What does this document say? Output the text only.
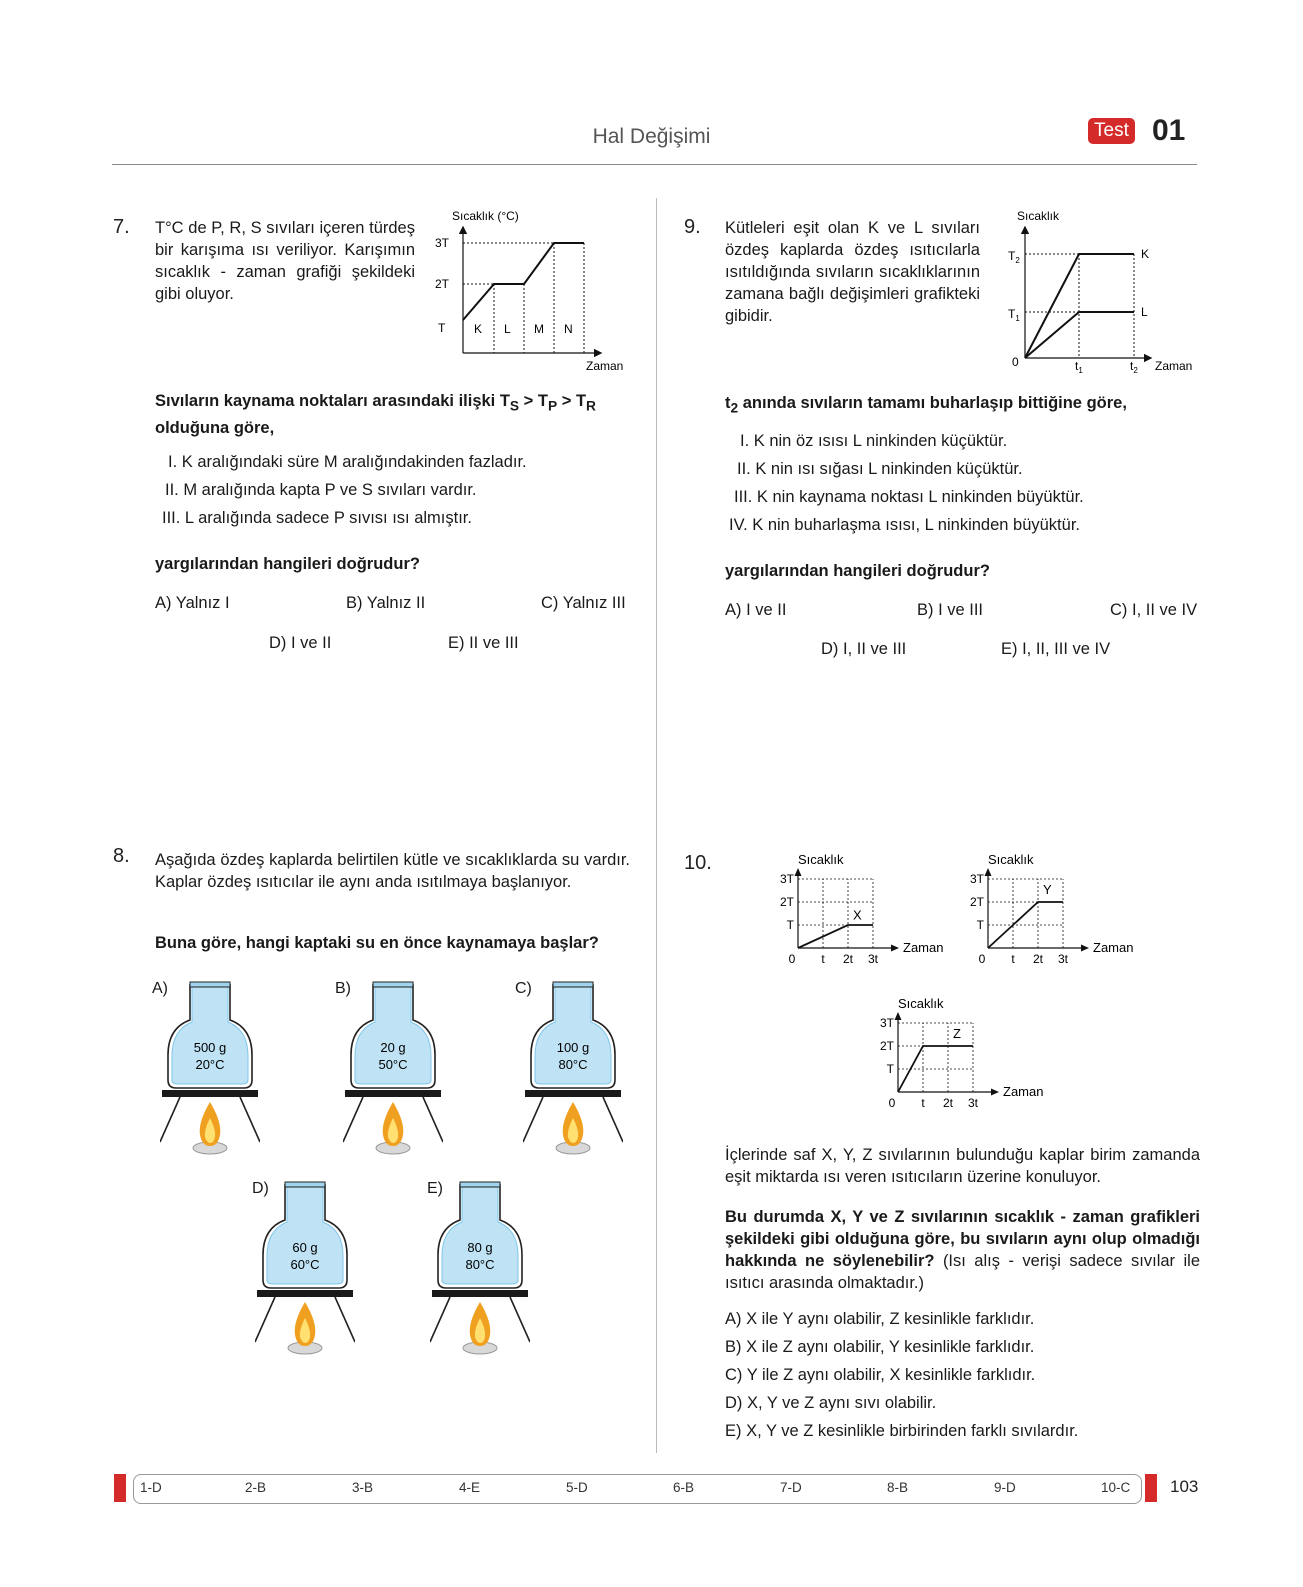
Hal Değişimi	Test 01
7. T°C de P, R, S sıvıları içeren türdeş bir karışıma ısı veriliyor. Karışımın sıcaklık - zaman grafiği şekildeki gibi oluyor.
Sıcaklık (°C)
3T
2T
T K L M N
Zaman
Sıvıların kaynama noktaları arasındaki ilişki $T_S > T_P > T_R$
olduğuna göre,
I. K aralığındaki süre M aralığındakinden fazladır.
II. M aralığında kapta P ve S sıvıları vardır.
III. L aralığında sadece P sıvısı ısı almıştır.
yargılarından hangileri doğrudur?
A) Yalnız I	B) Yalnız II	C) Yalnız III
D) I ve II	E) II ve III
8. Aşağıda özdeş kaplarda belirtilen kütle ve sıcaklıklarda su vardır. Kaplar özdeş ısıtıcılar ile aynı anda ısıtılmaya başlanıyor.
Buna göre, hangi kaptaki su en önce kaynamaya başlar?
A)
500 g
20°C
B)
20 g
50°C
C)
100 g
80°C
D)
60 g
60°C
E)
80 g
80°C
9. Kütleleri eşit olan K ve L sıvıları özdeş kaplarda özdeş ısıtıcılarla ısıtıldığında sıvıların sıcaklıklarının zamana bağlı değişimleri grafikteki gibidir.
Sıcaklık
$T_2$
$T_1$
0
K
L
$t_1$	$t_2$ Zaman
$t_2$ anında sıvıların tamamı buharlaşıp bittiğine göre,
I. K nin öz ısısı L ninkinden küçüktür.
II. K nin ısı sığası L ninkinden küçüktür.
III. K nin kaynama noktası L ninkinden büyüktür.
IV. K nin buharlaşma ısısı, L ninkinden büyüktür.
yargılarından hangileri doğrudur?
A) I ve II	B) I ve III	C) I, II ve IV
D) I, II ve III	E) I, II, III ve IV
10.	Sıcaklık
3T
2T
T
0 t 2t 3t
Zaman
X
Sıcaklık
3T
2T
T
0 t 2t 3t
Zaman
Y
Sıcaklık
3T
2T
T
0 t 2t 3t
Zaman
Z
İçlerinde saf X, Y, Z sıvılarının bulunduğu kaplar birim zamanda eşit miktarda ısı veren ısıtıcıların üzerine konuluyor.
Bu durumda X, Y ve Z sıvılarının sıcaklık - zaman grafikleri şekildeki gibi olduğuna göre, bu sıvıların aynı olup olmadığı hakkında ne söylenebilir? (Isı alış - verişi sadece sıvılar ile ısıtıcı arasında olmaktadır.)
A) X ile Y aynı olabilir, Z kesinlikle farklıdır.
B) X ile Z aynı olabilir, Y kesinlikle farklıdır.
C) Y ile Z aynı olabilir, X kesinlikle farklıdır.
D) X, Y ve Z aynı sıvı olabilir.
E) X, Y ve Z kesinlikle birbirinden farklı sıvılardır.
1-D	2-B	3-B	4-E	5-D	6-B	7-D	8-B	9-D	10-C 103
